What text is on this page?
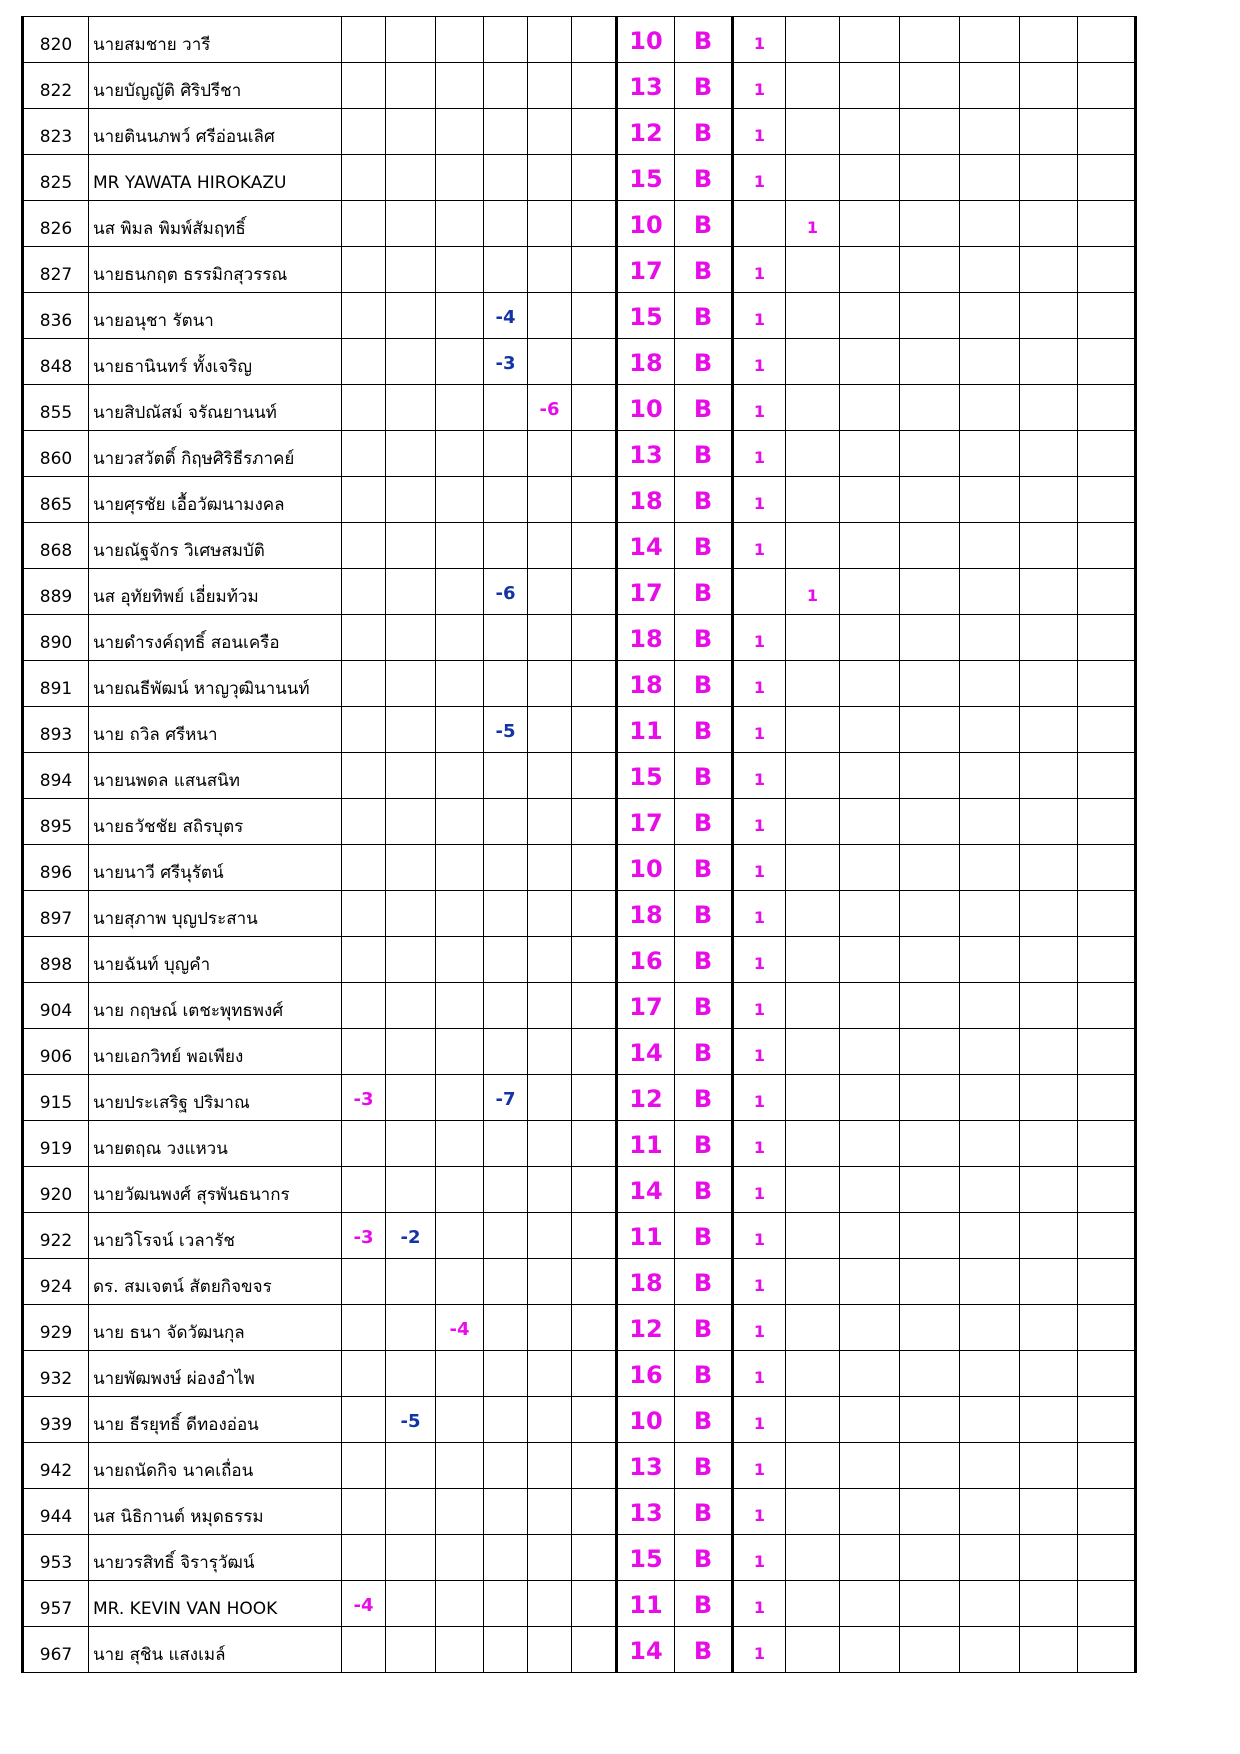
820	นายสมชาย วารี							10	B	1						
822	นายบัญญัติ ศิริปรีชา							13	B	1						
823	นายตินนภพว์ ศรีอ่อนเลิศ							12	B	1						
825	MR YAWATA HIROKAZU							15	B	1						
826	นส พิมล พิมพ์สัมฤทธิ์							10	B		1					
827	นายธนกฤต ธรรมิกสุวรรณ							17	B	1						
836	นายอนุชา รัตนา				-4			15	B	1						
848	นายธานินทร์ ทั้งเจริญ				-3			18	B	1						
855	นายสิปณัสม์ จรัณยานนท์					-6		10	B	1						
860	นายวสวัตติ์ กิฤษศิริธีรภาคย์							13	B	1						
865	นายศุรชัย เอื้อวัฒนามงคล							18	B	1						
868	นายณัฐจักร วิเศษสมบัติ							14	B	1						
889	นส อุทัยทิพย์ เอี่ยมท้วม				-6			17	B		1					
890	นายดำรงค์ฤทธิ์ สอนเครือ							18	B	1						
891	นายณธีพัฒน์ หาญวุฒินานนท์							18	B	1						
893	นาย ถวิล ศรีหนา				-5			11	B	1						
894	นายนพดล แสนสนิท							15	B	1						
895	นายธวัชชัย สถิรบุตร							17	B	1						
896	นายนาวี ศรีนุรัตน์							10	B	1						
897	นายสุภาพ บุญประสาน							18	B	1						
898	นายฉันท์ บุญคำ							16	B	1						
904	นาย กฤษณ์ เตชะพุทธพงศ์							17	B	1						
906	นายเอกวิทย์ พอเพียง							14	B	1						
915	นายประเสริฐ ปริมาณ	-3			-7			12	B	1						
919	นายตฤณ วงแหวน							11	B	1						
920	นายวัฒนพงศ์ สุรพันธนากร							14	B	1						
922	นายวิโรจน์ เวลารัช	-3	-2					11	B	1						
924	ดร. สมเจตน์ สัตยกิจขจร							18	B	1						
929	นาย ธนา จัดวัฒนกุล			-4				12	B	1						
932	นายพัฒพงษ์ ผ่องอำไพ							16	B	1						
939	นาย ธีรยุทธิ์ ดีทองอ่อน		-5					10	B	1						
942	นายถนัดกิจ นาคเถื่อน							13	B	1						
944	นส นิธิกานต์ หมุดธรรม							13	B	1						
953	นายวรสิทธิ์ จิรารุวัฒน์							15	B	1						
957	MR. KEVIN VAN HOOK	-4						11	B	1						
967	นาย สุชิน แสงเมล์							14	B	1						
